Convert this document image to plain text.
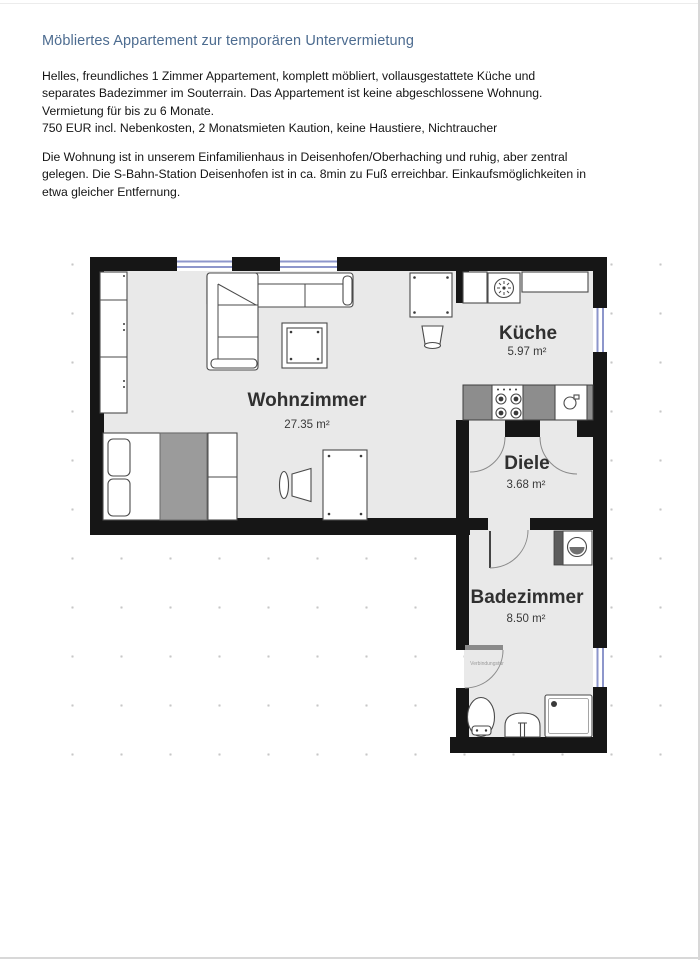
Möbliertes Appartement zur temporären Untervermietung
Helles, freundliches 1 Zimmer Appartement, komplett möbliert, vollausgestattete Küche und
separates Badezimmer im Souterrain. Das Appartement ist keine abgeschlossene Wohnung.
Vermietung für bis zu 6 Monate.
750 EUR incl. Nebenkosten, 2 Monatsmieten Kaution, keine Haustiere, Nichtraucher
Die Wohnung ist in unserem Einfamilienhaus in Deisenhofen/Oberhaching und ruhig, aber zentral
gelegen. Die S-Bahn-Station Deisenhofen ist in ca. 8min zu Fuß erreichbar. Einkaufsmöglichkeiten in
etwa gleicher Entfernung.
Wohnzimmer
27.35 m²
Küche
5.97 m²
Diele
3.68 m²
Badezimmer
8.50 m²
Verbindungstür
